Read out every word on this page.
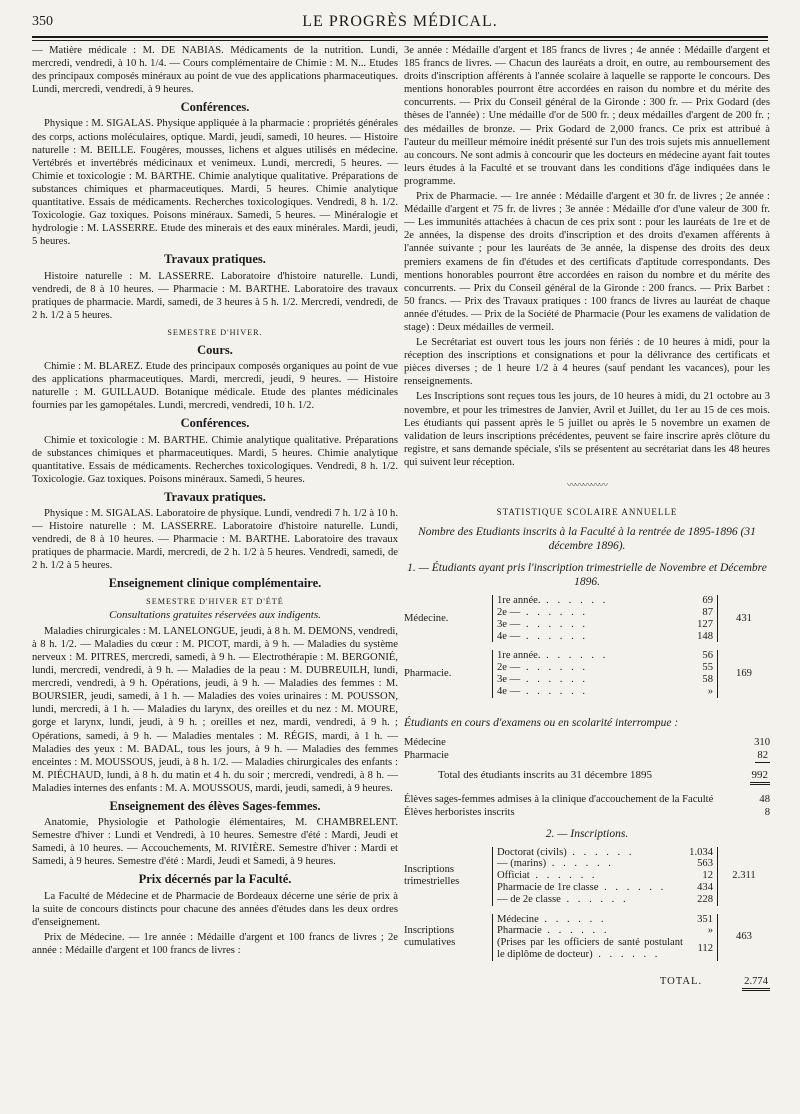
350	LE PROGRÈS MÉDICAL.

— Matière médicale : M. DE NABIAS. Médicaments de la nutrition. Lundi, mercredi, vendredi, à 10 h. 1/4. — Cours complémentaire de Chimie : M. N... Etudes des principaux composés minéraux au point de vue des applications pharmaceutiques. Lundi, mercredi, vendredi, à 9 heures.

Conférences.

Physique : M. SIGALAS. Physique appliquée à la pharmacie : propriétés générales des corps, actions moléculaires, optique. Mardi, jeudi, samedi, 10 heures. — Histoire naturelle : M. BEILLE. Fougères, mousses, lichens et algues utilisés en médecine. Vertébrés et invertébrés médicinaux et venimeux. Lundi, mercredi, 5 heures. — Chimie et toxicologie : M. BARTHE. Chimie analytique qualitative. Préparations de substances chimiques et pharmaceutiques. Mardi, 5 heures. Chimie analytique quantitative. Essais de médicaments. Recherches toxicologiques. Vendredi, 8 h. 1/2. Toxicologie. Gaz toxiques. Poisons minéraux. Samedi, 5 heures. — Minéralogie et hydrologie : M. LASSERRE. Etude des minerais et des eaux minérales. Mardi, jeudi, 5 heures.

Travaux pratiques.

Histoire naturelle : M. LASSERRE. Laboratoire d'histoire naturelle. Lundi, vendredi, de 8 à 10 heures. — Pharmacie : M. BARTHE. Laboratoire des travaux pratiques de pharmacie. Mardi, samedi, de 3 heures à 5 h. 1/2. Mercredi, vendredi, de 2 h. 1/2 à 5 heures.

SEMESTRE D'HIVER.
Cours.

Chimie : M. BLAREZ. Etude des principaux composés organiques au point de vue des applications pharmaceutiques. Mardi, mercredi, jeudi, 9 heures. — Histoire naturelle : M. GUILLAUD. Botanique médicale. Etude des plantes médicinales fournies par les gamopétales. Lundi, mercredi, vendredi, 10 h. 1/2.

Conférences.

Chimie et toxicologie : M. BARTHE. Chimie analytique qualitative. Préparations de substances chimiques et pharmaceutiques. Mardi, 5 heures. Chimie analytique quantitative. Essais de médicaments. Recherches toxicologiques. Vendredi, 8 h. 1/2. Toxicologie. Gaz toxiques. Poisons minéraux. Samedi, 5 heures.

Travaux pratiques.

Physique : M. SIGALAS. Laboratoire de physique. Lundi, vendredi 7 h. 1/2 à 10 h. — Histoire naturelle : M. LASSERRE. Laboratoire d'histoire naturelle. Lundi, vendredi, de 8 à 10 heures. — Pharmacie : M. BARTHE. Laboratoire des travaux pratiques de pharmacie. Mardi, mercredi, de 2 h. 1/2 à 5 heures. Vendredi, samedi, de 2 h. 1/2 à 5 heures.

Enseignement clinique complémentaire.
SEMESTRE D'HIVER ET D'ÉTÉ
Consultations gratuites réservées aux indigents.

Maladies chirurgicales : M. LANELONGUE, jeudi, à 8 h. M. DEMONS, vendredi, à 8 h. 1/2. — Maladies du cœur : M. PICOT, mardi, à 9 h. — Maladies du système nerveux : M. PITRES, mercredi, samedi, à 9 h. — Electrothérapie : M. BERGONIÉ, lundi, mercredi, vendredi, à 9 h. — Maladies de la peau : M. DUBREUILH, lundi, mercredi, vendredi, à 9 h. Opérations, jeudi, à 9 h. — Maladies des femmes : M. BOURSIER, jeudi, samedi, à 1 h. — Maladies des voies urinaires : M. POUSSON, lundi, mercredi, à 1 h. — Maladies du larynx, des oreilles et du nez : M. MOURE, gorge et larynx, lundi, jeudi, à 9 h. ; oreilles et nez, mardi, vendredi, à 9 h. ; Opérations, samedi, à 9 h. — Maladies mentales : M. RÉGIS, mardi, à 1 h. — Maladies des yeux : M. BADAL, tous les jours, à 9 h. — Maladies des femmes enceintes : M. MOUSSOUS, jeudi, à 8 h. 1/2. — Maladies chirurgicales des enfants : M. PIÉCHAUD, lundi, à 8 h. du matin et 4 h. du soir ; mercredi, vendredi, à 8 h. — Maladies internes des enfants : M. A. MOUSSOUS, mardi, jeudi, samedi, à 9 heures.

Enseignement des élèves Sages-femmes.

Anatomie, Physiologie et Pathologie élémentaires, M. CHAMBRELENT. Semestre d'hiver : Lundi et Vendredi, à 10 heures. Semestre d'été : Mardi, Jeudi et Samedi, à 10 heures. — Accouchements, M. RIVIÈRE. Semestre d'hiver : Mardi et Samedi, à 9 heures. Semestre d'été : Mardi, Jeudi et Samedi, à 9 heures.

Prix décernés par la Faculté.

La Faculté de Médecine et de Pharmacie de Bordeaux décerne une série de prix à la suite de concours distincts pour chacune des années d'études dans les deux ordres d'enseignement.

Prix de Médecine. — 1re année : Médaille d'argent et 100 francs de livres ; 2e année : Médaille d'argent et 100 francs de livres :

3e année : Médaille d'argent et 185 francs de livres ; 4e année : Médaille d'argent et 185 francs de livres. — Chacun des lauréats a droit, en outre, au remboursement des droits d'inscription afférents à l'année scolaire à laquelle se rapporte le concours. Des mentions honorables pourront être accordées en raison du nombre et du mérite des concurrents. — Prix du Conseil général de la Gironde : 300 fr. — Prix Godard (des thèses de l'année) : Une médaille d'or de 500 fr. ; deux médailles d'argent de 200 fr. ; des médailles de bronze. — Prix Godard de 2,000 francs. Ce prix est attribué à l'auteur du meilleur mémoire inédit présenté sur l'un des trois sujets mis annuellement au concours. Ne sont admis à concourir que les docteurs en médecine ayant fait toutes leurs études à la Faculté et se trouvant dans les conditions d'âge indiquées dans le programme.

Prix de Pharmacie. — 1re année : Médaille d'argent et 30 fr. de livres ; 2e année : Médaille d'argent et 75 fr. de livres ; 3e année : Médaille d'or d'une valeur de 300 fr. — Les immunités attachées à chacun de ces prix sont : pour les lauréats de 1re et de 2e années, la dispense des droits d'inscription et des droits d'examen afférents à l'année suivante ; pour les lauréats de 3e année, la dispense des droits des deux premiers examens de fin d'études et des certificats d'aptitude correspondants. Des mentions honorables pourront être accordées en raison du nombre et du mérite des concurrents. — Prix du Conseil général de la Gironde : 200 francs. — Prix Barbet : 50 francs. — Prix des Travaux pratiques : 100 francs de livres au lauréat de chaque année d'études. — Prix de la Société de Pharmacie (Pour les examens de validation de stage) : Deux médailles de vermeil.

Le Secrétariat est ouvert tous les jours non fériés : de 10 heures à midi, pour la réception des inscriptions et consignations et pour la délivrance des certificats et pièces diverses ; de 1 heure 1/2 à 4 heures (sauf pendant les vacances), pour les renseignements.

Les Inscriptions sont reçues tous les jours, de 10 heures à midi, du 21 octobre au 3 novembre, et pour les trimestres de Janvier, Avril et Juillet, du 1er au 15 de ces mois. Les étudiants qui passent après le 5 juillet ou après le 5 novembre un examen de validation de leurs inscriptions précédentes, peuvent se faire inscrire après clôture du registre, et sans demande spéciale, s'ils se présentent au secrétariat dans les 48 heures qui suivent leur réception.

〰〰〰〰〰
STATISTIQUE SCOLAIRE ANNUELLE
Nombre des Etudiants inscrits à la Faculté à la rentrée de 1895-1896 (31 décembre 1896).
1. — Étudiants ayant pris l'inscription trimestrielle de Novembre et Décembre 1896.
Médecine.	1re année. . . . . . .	69	431
	2e — . . . . . .	87	
	3e — . . . . . .	127	
	4e — . . . . . .	148	

Pharmacie.	1re année. . . . . . .	56	169
	2e — . . . . . .	55	
	3e — . . . . . .	58	
	4e — . . . . . .	»	

Étudiants en cours d'examens ou en scolarité interrompue :
Médecine	310
Pharmacie	82
Total des étudiants inscrits au 31 décembre 1895	992
Élèves sages-femmes admises à la clinique d'accouchement de la Faculté	48
Élèves herboristes inscrits	8
2. — Inscriptions.
Inscriptions trimestrielles	Doctorat (civils) . . . . . .	1.034	2.311
	— (marins) . . . . . .	563	
	Officiat . . . . . .	12	
	Pharmacie de 1re classe . . . . . .	434	
	— de 2e classe . . . . . .	228	

Inscriptions cumulatives	Médecine . . . . . .	351	463
	Pharmacie . . . . . .	»	
	(Prises par les officiers de santé postulant le diplôme de docteur) . . . . . .	112	

TOTAL.	2.774
